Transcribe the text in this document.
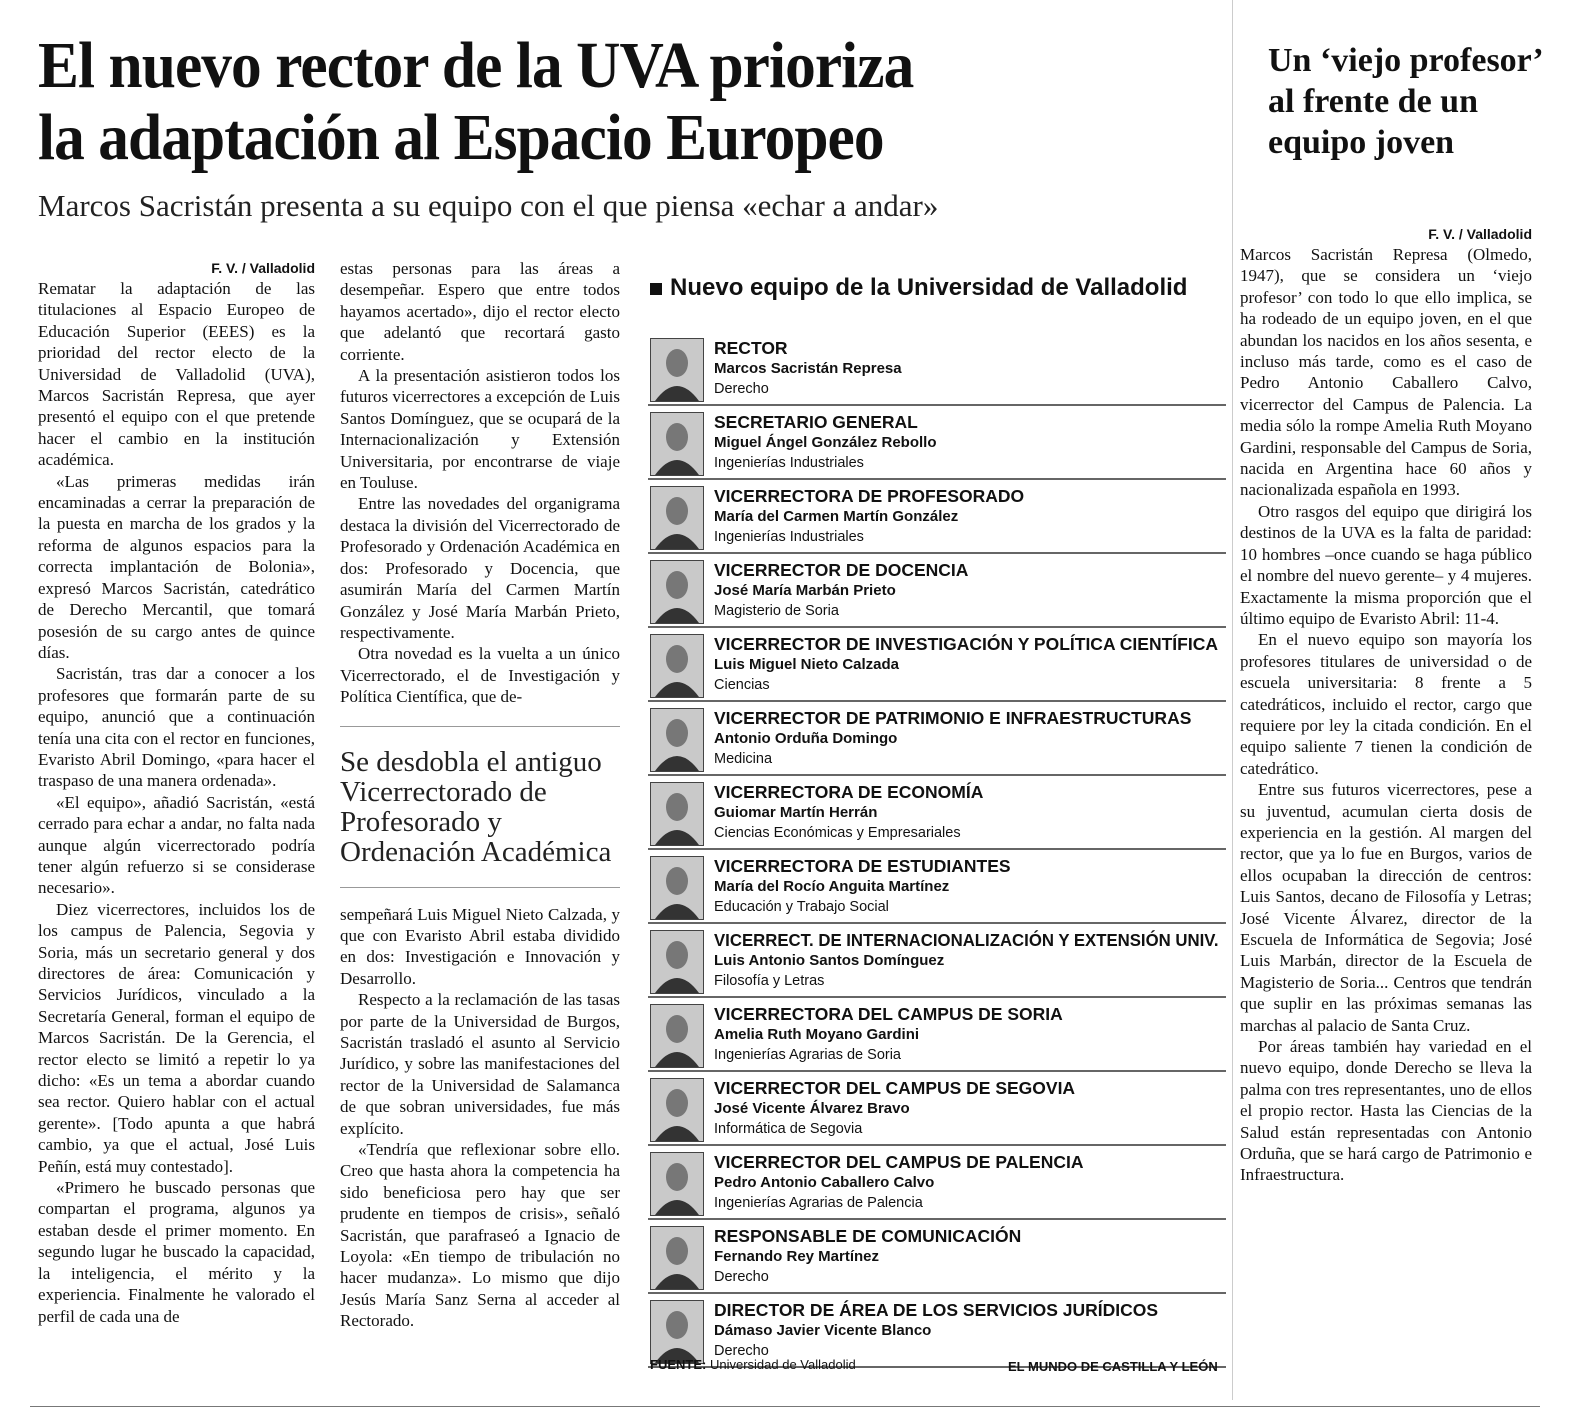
El nuevo rector de la UVA prioriza
la adaptación al Espacio Europeo
Marcos Sacristán presenta a su equipo con el que piensa «echar a andar»
F. V. / Valladolid

Rematar la adaptación de las titulaciones al Espacio Europeo de Educación Superior (EEES) es la prioridad del rector electo de la Universidad de Valladolid (UVA), Marcos Sacristán Represa, que ayer presentó el equipo con el que pretende hacer el cambio en la institución académica.

«Las primeras medidas irán encaminadas a cerrar la preparación de la puesta en marcha de los grados y la reforma de algunos espacios para la correcta implantación de Bolonia», expresó Marcos Sacristán, catedrático de Derecho Mercantil, que tomará posesión de su cargo antes de quince días.

Sacristán, tras dar a conocer a los profesores que formarán parte de su equipo, anunció que a continuación tenía una cita con el rector en funciones, Evaristo Abril Domingo, «para hacer el traspaso de una manera ordenada».

«El equipo», añadió Sacristán, «está cerrado para echar a andar, no falta nada aunque algún vicerrectorado podría tener algún refuerzo si se considerase necesario».

Diez vicerrectores, incluidos los de los campus de Palencia, Segovia y Soria, más un secretario general y dos directores de área: Comunicación y Servicios Jurídicos, vinculado a la Secretaría General, forman el equipo de Marcos Sacristán. De la Gerencia, el rector electo se limitó a repetir lo ya dicho: «Es un tema a abordar cuando sea rector. Quiero hablar con el actual gerente». [Todo apunta a que habrá cambio, ya que el actual, José Luis Peñín, está muy contestado].

«Primero he buscado personas que compartan el programa, algunos ya estaban desde el primer momento. En segundo lugar he buscado la capacidad, la inteligencia, el mérito y la experiencia. Finalmente he valorado el perfil de cada una de

estas personas para las áreas a desempeñar. Espero que entre todos hayamos acertado», dijo el rector electo que adelantó que recortará gasto corriente.

A la presentación asistieron todos los futuros vicerrectores a excepción de Luis Santos Domínguez, que se ocupará de la Internacionalización y Extensión Universitaria, por encontrarse de viaje en Touluse.

Entre las novedades del organigrama destaca la división del Vicerrectorado de Profesorado y Ordenación Académica en dos: Profesorado y Docencia, que asumirán María del Carmen Martín González y José María Marbán Prieto, respectivamente.

Otra novedad es la vuelta a un único Vicerrectorado, el de Investigación y Política Científica, que de-

Se desdobla el antiguo Vicerrectorado de Profesorado y Ordenación Académica

sempeñará Luis Miguel Nieto Calzada, y que con Evaristo Abril estaba dividido en dos: Investigación e Innovación y Desarrollo.

Respecto a la reclamación de las tasas por parte de la Universidad de Burgos, Sacristán trasladó el asunto al Servicio Jurídico, y sobre las manifestaciones del rector de la Universidad de Salamanca de que sobran universidades, fue más explícito.

«Tendría que reflexionar sobre ello. Creo que hasta ahora la competencia ha sido beneficiosa pero hay que ser prudente en tiempos de crisis», señaló Sacristán, que parafraseó a Ignacio de Loyola: «En tiempo de tribulación no hacer mudanza». Lo mismo que dijo Jesús María Sanz Serna al acceder al Rectorado.

Nuevo equipo de la Universidad de Valladolid
RECTOR
Marcos Sacristán Represa
Derecho
SECRETARIO GENERAL
Miguel Ángel González Rebollo
Ingenierías Industriales
VICERRECTORA DE PROFESORADO
María del Carmen Martín González
Ingenierías Industriales
VICERRECTOR DE DOCENCIA
José María Marbán Prieto
Magisterio de Soria
VICERRECTOR DE INVESTIGACIÓN Y POLÍTICA CIENTÍFICA
Luis Miguel Nieto Calzada
Ciencias
VICERRECTOR DE PATRIMONIO E INFRAESTRUCTURAS
Antonio Orduña Domingo
Medicina
VICERRECTORA DE ECONOMÍA
Guiomar Martín Herrán
Ciencias Económicas y Empresariales
VICERRECTORA DE ESTUDIANTES
María del Rocío Anguita Martínez
Educación y Trabajo Social
VICERRECT. DE INTERNACIONALIZACIÓN Y EXTENSIÓN UNIV.
Luis Antonio Santos Domínguez
Filosofía y Letras
VICERRECTORA DEL CAMPUS DE SORIA
Amelia Ruth Moyano Gardini
Ingenierías Agrarias de Soria
VICERRECTOR DEL CAMPUS DE SEGOVIA
José Vicente Álvarez Bravo
Informática de Segovia
VICERRECTOR DEL CAMPUS DE PALENCIA
Pedro Antonio Caballero Calvo
Ingenierías Agrarias de Palencia
RESPONSABLE DE COMUNICACIÓN
Fernando Rey Martínez
Derecho
DIRECTOR DE ÁREA DE LOS SERVICIOS JURÍDICOS
Dámaso Javier Vicente Blanco
Derecho
FUENTE: Universidad de Valladolid	EL MUNDO DE CASTILLA Y LEÓN
Un ‘viejo profesor’ al frente de un equipo joven
F. V. / Valladolid

Marcos Sacristán Represa (Olmedo, 1947), que se considera un ‘viejo profesor’ con todo lo que ello implica, se ha rodeado de un equipo joven, en el que abundan los nacidos en los años sesenta, e incluso más tarde, como es el caso de Pedro Antonio Caballero Calvo, vicerrector del Campus de Palencia. La media sólo la rompe Amelia Ruth Moyano Gardini, responsable del Campus de Soria, nacida en Argentina hace 60 años y nacionalizada española en 1993.

Otro rasgos del equipo que dirigirá los destinos de la UVA es la falta de paridad: 10 hombres –once cuando se haga público el nombre del nuevo gerente– y 4 mujeres. Exactamente la misma proporción que el último equipo de Evaristo Abril: 11-4.

En el nuevo equipo son mayoría los profesores titulares de universidad o de escuela universitaria: 8 frente a 5 catedráticos, incluido el rector, cargo que requiere por ley la citada condición. En el equipo saliente 7 tienen la condición de catedrático.

Entre sus futuros vicerrectores, pese a su juventud, acumulan cierta dosis de experiencia en la gestión. Al margen del rector, que ya lo fue en Burgos, varios de ellos ocupaban la dirección de centros: Luis Santos, decano de Filosofía y Letras; José Vicente Álvarez, director de la Escuela de Informática de Segovia; José Luis Marbán, director de la Escuela de Magisterio de Soria... Centros que tendrán que suplir en las próximas semanas las marchas al palacio de Santa Cruz.

Por áreas también hay variedad en el nuevo equipo, donde Derecho se lleva la palma con tres representantes, uno de ellos el propio rector. Hasta las Ciencias de la Salud están representadas con Antonio Orduña, que se hará cargo de Patrimonio e Infraestructura.
